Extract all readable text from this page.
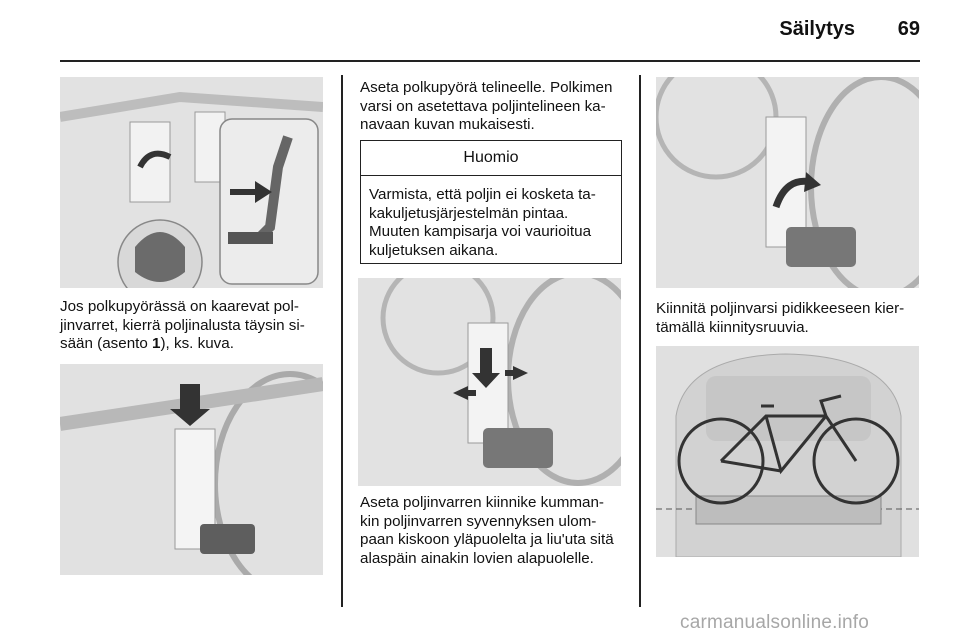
Säilytys	69
Jos polkupyörässä on kaarevat pol-
jinvarret, kierrä poljinalusta täysin si-
sään (asento 1), ks. kuva.
Aseta polkupyörä telineelle. Polkimen
varsi on asetettava poljintelineen ka-
navaan kuvan mukaisesti.
Huomio
Varmista, että poljin ei kosketa ta-
kakuljetusjärjestelmän pintaa.
Muuten kampisarja voi vaurioitua
kuljetuksen aikana.
Aseta poljinvarren kiinnike kumman-
kin poljinvarren syvennyksen ulom-
paan kiskoon yläpuolelta ja liu'uta sitä
alaspäin ainakin lovien alapuolelle.
Kiinnitä poljinvarsi pidikkeeseen kier-
tämällä kiinnitysruuvia.
carmanualsonline.info
